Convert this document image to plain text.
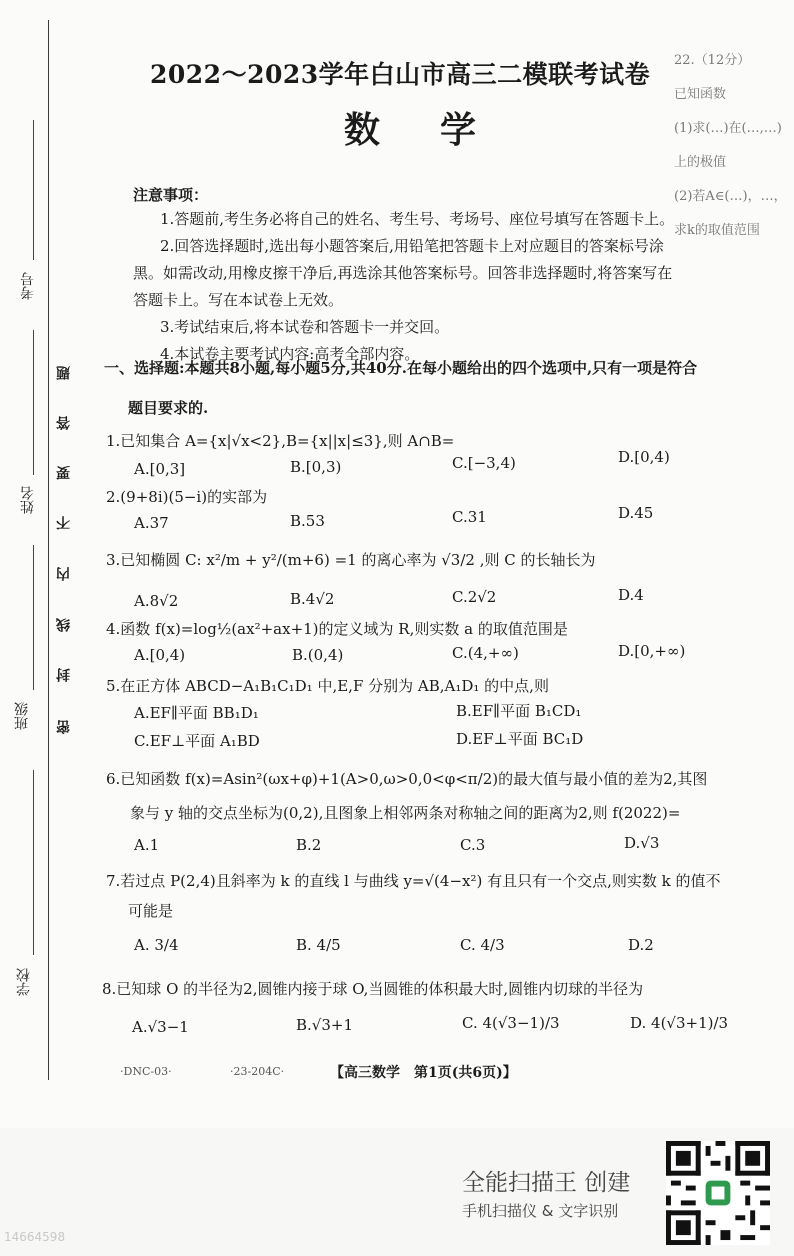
22.（12分）
已知函数
(1)求(…)在(…,…)上的极值
(2)若A∈(…)，…，求k的取值范围
考号
姓名
班级
学校
密
封
线
内
不
要
答
题
2022～2023学年白山市高三二模联考试卷
数学
注意事项：
1.答题前,考生务必将自己的姓名、考生号、考场号、座位号填写在答题卡上。
2.回答选择题时,选出每小题答案后,用铅笔把答题卡上对应题目的答案标号涂
黑。如需改动,用橡皮擦干净后,再选涂其他答案标号。回答非选择题时,将答案写在
答题卡上。写在本试卷上无效。
3.考试结束后,将本试卷和答题卡一并交回。
4.本试卷主要考试内容:高考全部内容。
一、选择题:本题共8小题,每小题5分,共40分.在每小题给出的四个选项中,只有一项是符合
题目要求的.
1.已知集合 A={x|√x<2},B={x||x|≤3},则 A∩B=
A.[0,3]	B.[0,3)	C.[−3,4)	D.[0,4)
2.(9+8i)(5−i)的实部为
A.37	B.53	C.31	D.45
3.已知椭圆 C: x²/m + y²/(m+6) =1 的离心率为 √3/2 ,则 C 的长轴长为
A.8√2	B.4√2	C.2√2	D.4
4.函数 f(x)=log½(ax²+ax+1)的定义域为 R,则实数 a 的取值范围是
A.[0,4)	B.(0,4)	C.(4,+∞)	D.[0,+∞)
5.在正方体 ABCD−A₁B₁C₁D₁ 中,E,F 分别为 AB,A₁D₁ 的中点,则
A.EF∥平面 BB₁D₁	B.EF∥平面 B₁CD₁
C.EF⊥平面 A₁BD	D.EF⊥平面 BC₁D
6.已知函数 f(x)=Asin²(ωx+φ)+1(A>0,ω>0,0<φ<π/2)的最大值与最小值的差为2,其图
象与 y 轴的交点坐标为(0,2),且图象上相邻两条对称轴之间的距离为2,则 f(2022)=
A.1	B.2	C.3	D.√3
7.若过点 P(2,4)且斜率为 k 的直线 l 与曲线 y=√(4−x²) 有且只有一个交点,则实数 k 的值不
可能是
A. 3/4	B. 4/5	C. 4/3	D.2
8.已知球 O 的半径为2,圆锥内接于球 O,当圆锥的体积最大时,圆锥内切球的半径为
A.√3−1	B.√3+1	C. 4(√3−1)/3	D. 4(√3+1)/3
·DNC-03·	·23-204C·	【高三数学　第1页(共6页)】
全能扫描王 创建
手机扫描仪 & 文字识别
14664598
